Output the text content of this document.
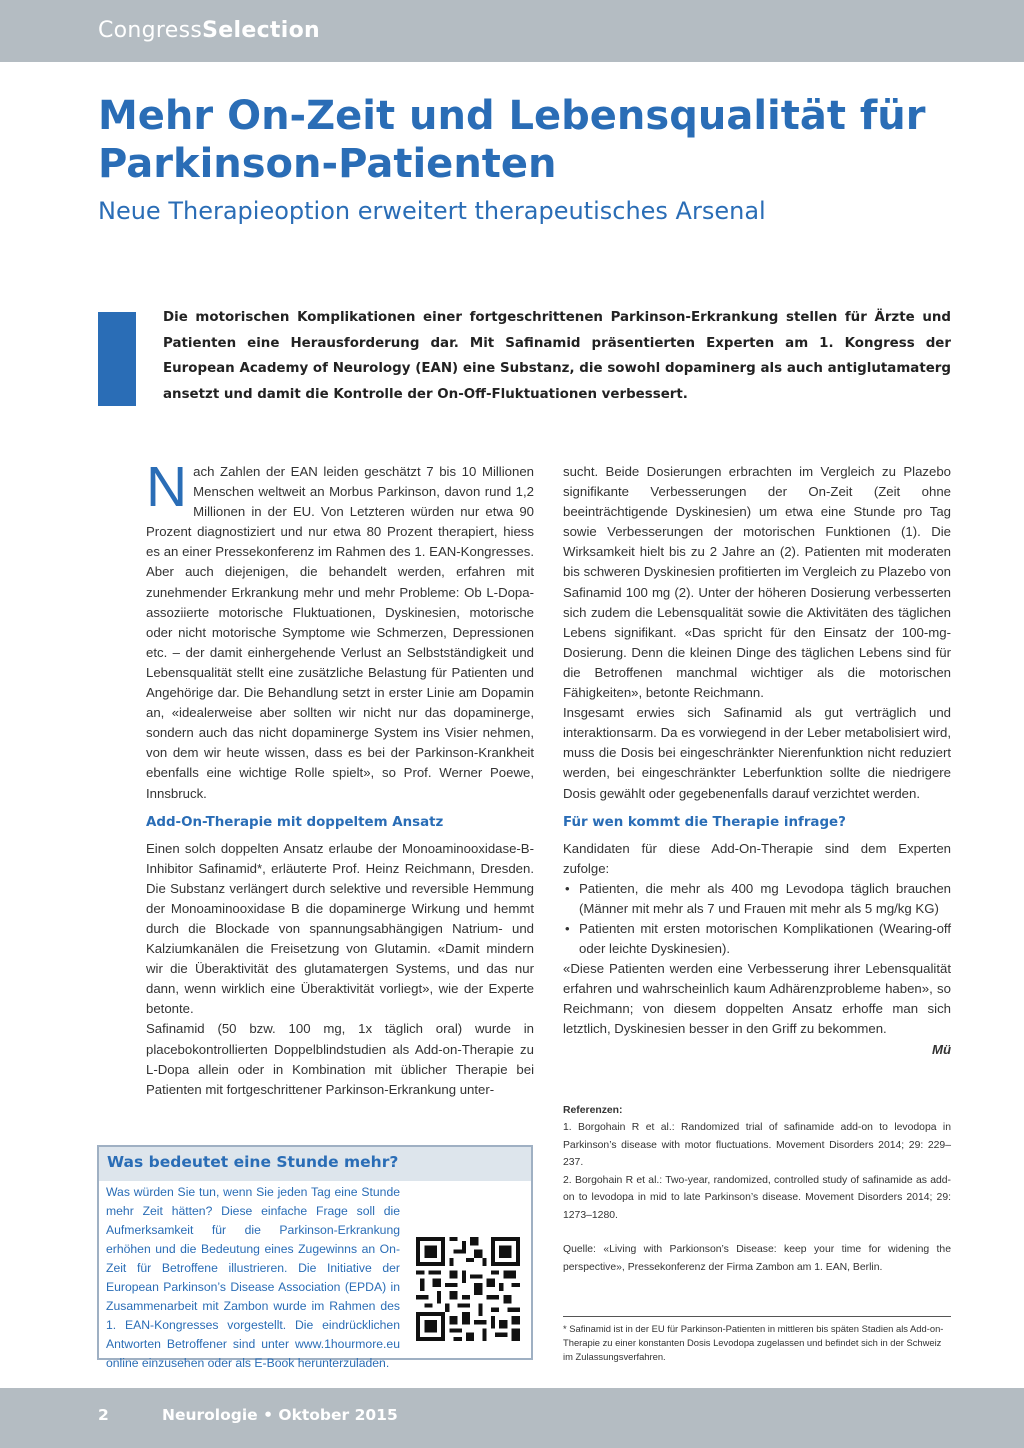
CongressSelection
Mehr On-Zeit und Lebensqualität für Parkinson-Patienten
Neue Therapieoption erweitert therapeutisches Arsenal

Die motorischen Komplikationen einer fortgeschrittenen Parkinson-Erkrankung stellen für Ärzte und Patienten eine Herausforderung dar. Mit Safinamid präsentierten Experten am 1. Kongress der European Academy of Neurology (EAN) eine Substanz, die sowohl dopaminerg als auch antiglutamaterg ansetzt und damit die Kontrolle der On-Off-Fluktuationen verbessert.

Nach Zahlen der EAN leiden geschätzt 7 bis 10 Millionen Menschen weltweit an Morbus Parkinson, davon rund 1,2 Millionen in der EU. Von Letzteren würden nur etwa 90 Prozent diagnostiziert und nur etwa 80 Prozent therapiert, hiess es an einer Pressekonferenz im Rahmen des 1. EAN-Kongresses. Aber auch diejenigen, die behandelt werden, erfahren mit zunehmender Erkrankung mehr und mehr Probleme: Ob L-Dopa-assoziierte motorische Fluktuationen, Dyskinesien, motorische oder nicht motorische Symptome wie Schmerzen, Depressionen etc. – der damit einhergehende Verlust an Selbstständigkeit und Lebensqualität stellt eine zusätzliche Belastung für Patienten und Angehörige dar. Die Behandlung setzt in erster Linie am Dopamin an, «idealerweise aber sollten wir nicht nur das dopaminerge, sondern auch das nicht dopaminerge System ins Visier nehmen, von dem wir heute wissen, dass es bei der Parkinson-Krankheit ebenfalls eine wichtige Rolle spielt», so Prof. Werner Poewe, Innsbruck.

Add-On-Therapie mit doppeltem Ansatz

Einen solch doppelten Ansatz erlaube der Monoaminooxidase-B-Inhibitor Safinamid*, erläuterte Prof. Heinz Reichmann, Dresden. Die Substanz verlängert durch selektive und reversible Hemmung der Monoaminooxidase B die dopaminerge Wirkung und hemmt durch die Blockade von spannungsabhängigen Natrium- und Kalziumkanälen die Freisetzung von Glutamin. «Damit mindern wir die Überaktivität des glutamatergen Systems, und das nur dann, wenn wirklich eine Überaktivität vorliegt», wie der Experte betonte.

Safinamid (50 bzw. 100 mg, 1x täglich oral) wurde in placebokontrollierten Doppelblindstudien als Add-on-Therapie zu L-Dopa allein oder in Kombination mit üblicher Therapie bei Patienten mit fortgeschrittener Parkinson-Erkrankung unter-

sucht. Beide Dosierungen erbrachten im Vergleich zu Plazebo signifikante Verbesserungen der On-Zeit (Zeit ohne beeinträchtigende Dyskinesien) um etwa eine Stunde pro Tag sowie Verbesserungen der motorischen Funktionen (1). Die Wirksamkeit hielt bis zu 2 Jahre an (2). Patienten mit moderaten bis schweren Dyskinesien profitierten im Vergleich zu Plazebo von Safinamid 100 mg (2). Unter der höheren Dosierung verbesserten sich zudem die Lebensqualität sowie die Aktivitäten des täglichen Lebens signifikant. «Das spricht für den Einsatz der 100-mg-Dosierung. Denn die kleinen Dinge des täglichen Lebens sind für die Betroffenen manchmal wichtiger als die motorischen Fähigkeiten», betonte Reichmann.

Insgesamt erwies sich Safinamid als gut verträglich und interaktionsarm. Da es vorwiegend in der Leber metabolisiert wird, muss die Dosis bei eingeschränkter Nierenfunktion nicht reduziert werden, bei eingeschränkter Leberfunktion sollte die niedrigere Dosis gewählt oder gegebenenfalls darauf verzichtet werden.

Für wen kommt die Therapie infrage?

Kandidaten für diese Add-On-Therapie sind dem Experten zufolge:

• Patienten, die mehr als 400 mg Levodopa täglich brauchen (Männer mit mehr als 7 und Frauen mit mehr als 5 mg/kg KG)
• Patienten mit ersten motorischen Komplikationen (Wearing-off oder leichte Dyskinesien).

«Diese Patienten werden eine Verbesserung ihrer Lebensqualität erfahren und wahrscheinlich kaum Adhärenzprobleme haben», so Reichmann; von diesem doppelten Ansatz erhoffe man sich letztlich, Dyskinesien besser in den Griff zu bekommen.

Mü
Referenzen:

1. Borgohain R et al.: Randomized trial of safinamide add-on to levodopa in Parkinson’s disease with motor fluctuations. Movement Disorders 2014; 29: 229–237.

2. Borgohain R et al.: Two-year, randomized, controlled study of safinamide as add-on to levodopa in mid to late Parkinson’s disease. Movement Disorders 2014; 29: 1273–1280.

Quelle: «Living with Parkionson’s Disease: keep your time for widening the perspective», Pressekonferenz der Firma Zambon am 1. EAN, Berlin.

* Safinamid ist in der EU für Parkinson-Patienten in mittleren bis späten Stadien als Add-on-Therapie zu einer konstanten Dosis Levodopa zugelassen und befindet sich in der Schweiz im Zulassungsverfahren.

Was bedeutet eine Stunde mehr?

Was würden Sie tun, wenn Sie jeden Tag eine Stunde mehr Zeit hätten? Diese einfache Frage soll die Aufmerksamkeit für die Parkinson-Erkrankung erhöhen und die Bedeutung eines Zugewinns an On-Zeit für Betroffene illustrieren. Die Initiative der European Parkinson’s Disease Association (EPDA) in Zusammenarbeit mit Zambon wurde im Rahmen des 1. EAN-Kongresses vorgestellt. Die eindrücklichen Antworten Betroffener sind unter www.1hourmore.eu online einzusehen oder als E-Book herunterzuladen.

2	Neurologie • Oktober 2015
